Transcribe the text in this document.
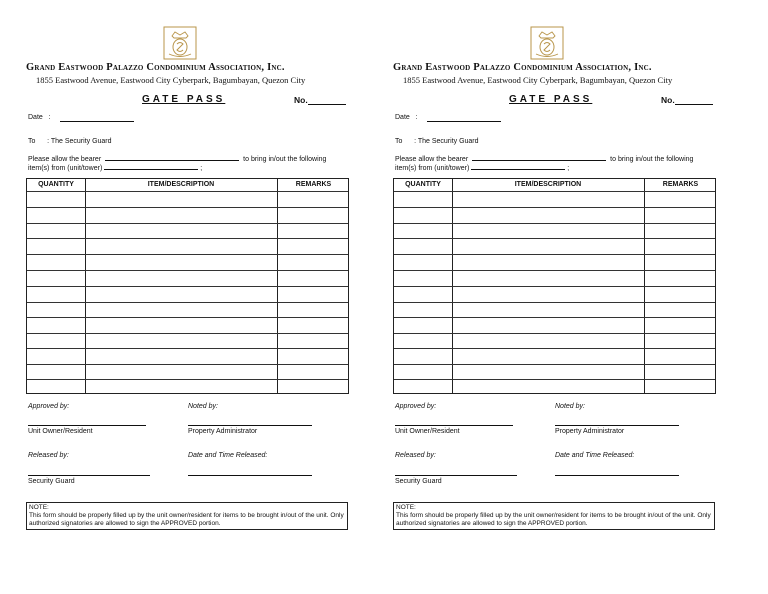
Grand Eastwood Palazzo Condominium Association, Inc.
1855 Eastwood Avenue, Eastwood City Cyberpark, Bagumbayan, Quezon City
GATE PASS	No.
Date :
To : The Security Guard
Please allow the bearer	to bring in/out the following
item(s) from (unit/tower)	;
QUANTITY	ITEM/DESCRIPTION	REMARKS
Approved by:	Noted by:
Unit Owner/Resident	Property Administrator
Released by:	Date and Time Released:
Security Guard
NOTE:
This form should be properly filled up by the unit owner/resident for items to be brought in/out of the unit. Only authorized signatories are allowed to sign the APPROVED portion.
Grand Eastwood Palazzo Condominium Association, Inc.
1855 Eastwood Avenue, Eastwood City Cyberpark, Bagumbayan, Quezon City
GATE PASS	No.
Date :
To : The Security Guard
Please allow the bearer	to bring in/out the following
item(s) from (unit/tower)	;
QUANTITY	ITEM/DESCRIPTION	REMARKS
Approved by:	Noted by:
Unit Owner/Resident	Property Administrator
Released by:	Date and Time Released:
Security Guard
NOTE:
This form should be properly filled up by the unit owner/resident for items to be brought in/out of the unit. Only authorized signatories are allowed to sign the APPROVED portion.
